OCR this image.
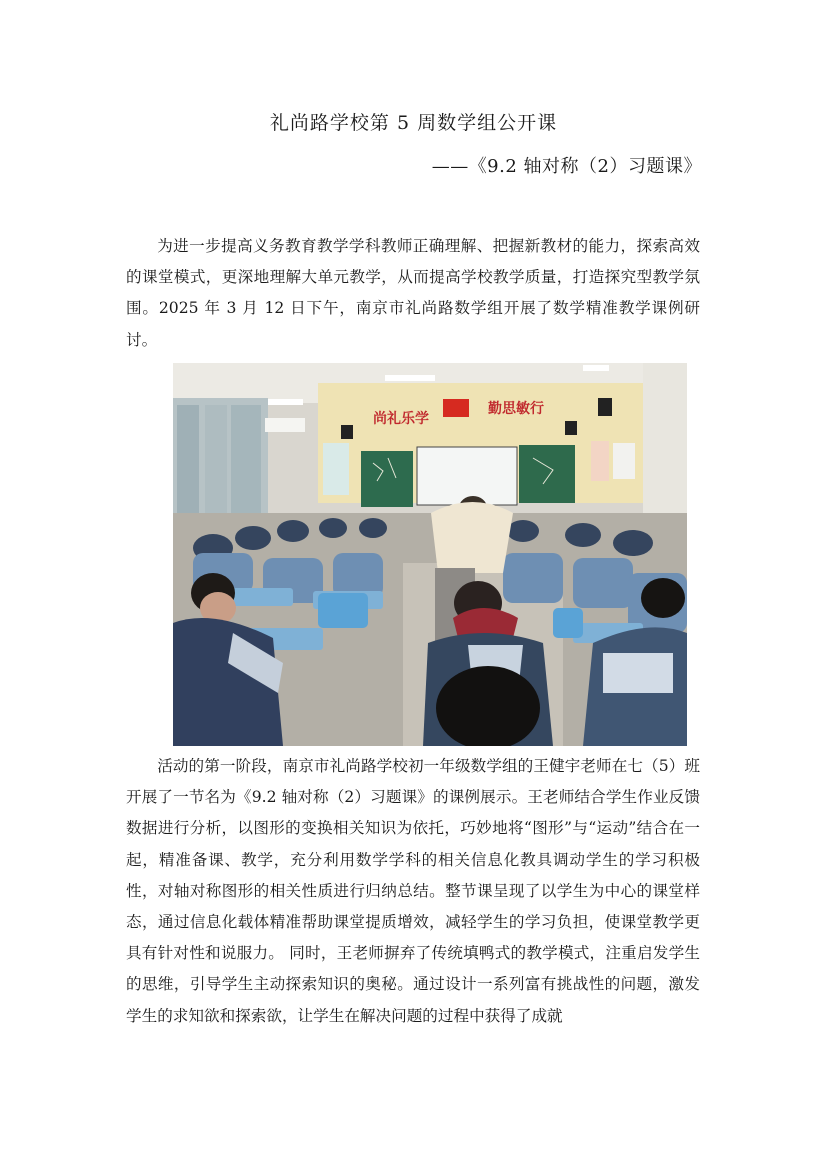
礼尚路学校第 5 周数学组公开课
——《9.2 轴对称（2）习题课》

为进一步提高义务教育教学学科教师正确理解、把握新教材的能力，探索高效的课堂模式，更深地理解大单元教学，从而提高学校教学质量，打造探究型教学氛围。2025 年 3 月 12 日下午，南京市礼尚路数学组开展了数学精准教学课例研讨。

尚礼乐学
勤思敏行

活动的第一阶段，南京市礼尚路学校初一年级数学组的王健宇老师在七（5）班开展了一节名为《9.2 轴对称（2）习题课》的课例展示。王老师结合学生作业反馈数据进行分析，以图形的变换相关知识为依托，巧妙地将“图形”与“运动”结合在一起，精准备课、教学，充分利用数学学科的相关信息化教具调动学生的学习积极性，对轴对称图形的相关性质进行归纳总结。整节课呈现了以学生为中心的课堂样态，通过信息化载体精准帮助课堂提质增效，减轻学生的学习负担，使课堂教学更具有针对性和说服力。 同时，王老师摒弃了传统填鸭式的教学模式，注重启发学生的思维，引导学生主动探索知识的奥秘。通过设计一系列富有挑战性的问题，激发学生的求知欲和探索欲，让学生在解决问题的过程中获得了成就
